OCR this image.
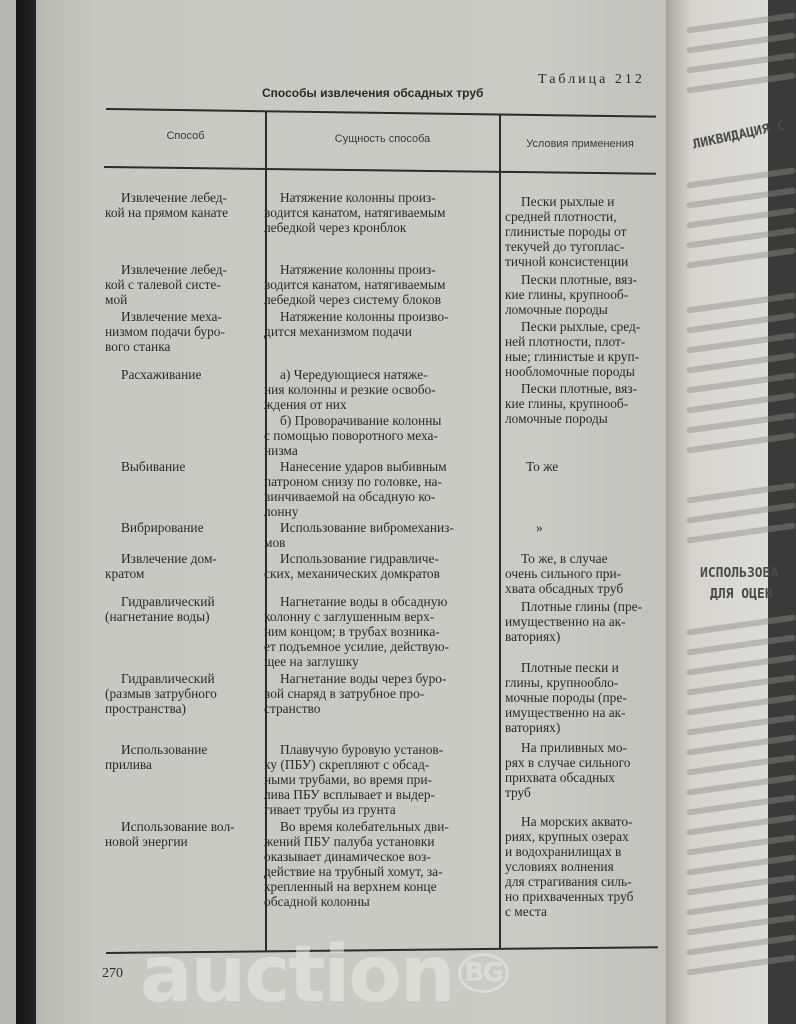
ЛИКВИДАЦИЯ С
ИСПОЛЬЗОВА
ДЛЯ ОЦЕН
Таблица 212
Способы извлечения обсадных труб
Способ	Сущность способа	Условия применения
Извлечение лебед-
кой на прямом канате
Извлечение лебед-
кой с талевой систе-
мой
Извлечение меха-
низмом подачи буро-
вого станка
Расхаживание
Выбивание
Вибрирование
Извлечение дом-
кратом
Гидравлический
(нагнетание воды)
Гидравлический
(размыв затрубного
пространства)
Использование
прилива
Использование вол-
новой энергии
Натяжение колонны произ-
водится канатом, натягиваемым
лебедкой через кронблок
Натяжение колонны произ-
водится канатом, натягиваемым
лебедкой через систему блоков
Натяжение колонны произво-
дится механизмом подачи
а) Чередующиеся натяже-
ния колонны и резкие освобо-
ждения от них
б) Проворачивание колонны
с помощью поворотного меха-
низма
Нанесение ударов выбивным
патроном снизу по головке, на-
винчиваемой на обсадную ко-
лонну
Использование вибромеханиз-
мов
Использование гидравличе-
ских, механических домкратов
Нагнетание воды в обсадную
колонну с заглушенным верх-
ним концом; в трубах возника-
ет подъемное усилие, действую-
щее на заглушку
Нагнетание воды через буро-
вой снаряд в затрубное про-
странство
Плавучую буровую установ-
ку (ПБУ) скрепляют с обсад-
ными трубами, во время при-
лива ПБУ всплывает и выдер-
гивает трубы из грунта
Во время колебательных дви-
жений ПБУ палуба установки
оказывает динамическое воз-
действие на трубный хомут, за-
крепленный на верхнем конце
обсадной колонны
Пески рыхлые и
средней плотности,
глинистые породы от
текучей до тугоплас-
тичной консистенции
Пески плотные, вяз-
кие глины, крупнооб-
ломочные породы
Пески рыхлые, сред-
ней плотности, плот-
ные; глинистые и круп-
нообломочные породы
Пески плотные, вяз-
кие глины, крупнооб-
ломочные породы
То же
»
То же, в случае
очень сильного при-
хвата обсадных труб
Плотные глины (пре-
имущественно на ак-
ваториях)
Плотные пески и
глины, крупнообло-
мочные породы (пре-
имущественно на ак-
ваториях)
На приливных мо-
рях в случае сильного
прихвата обсадных
труб
На морских аквато-
риях, крупных озерах
и водохранилищах в
условиях волнения
для страгивания силь-
но прихваченных труб
с места
270 auction $^{BG}$
